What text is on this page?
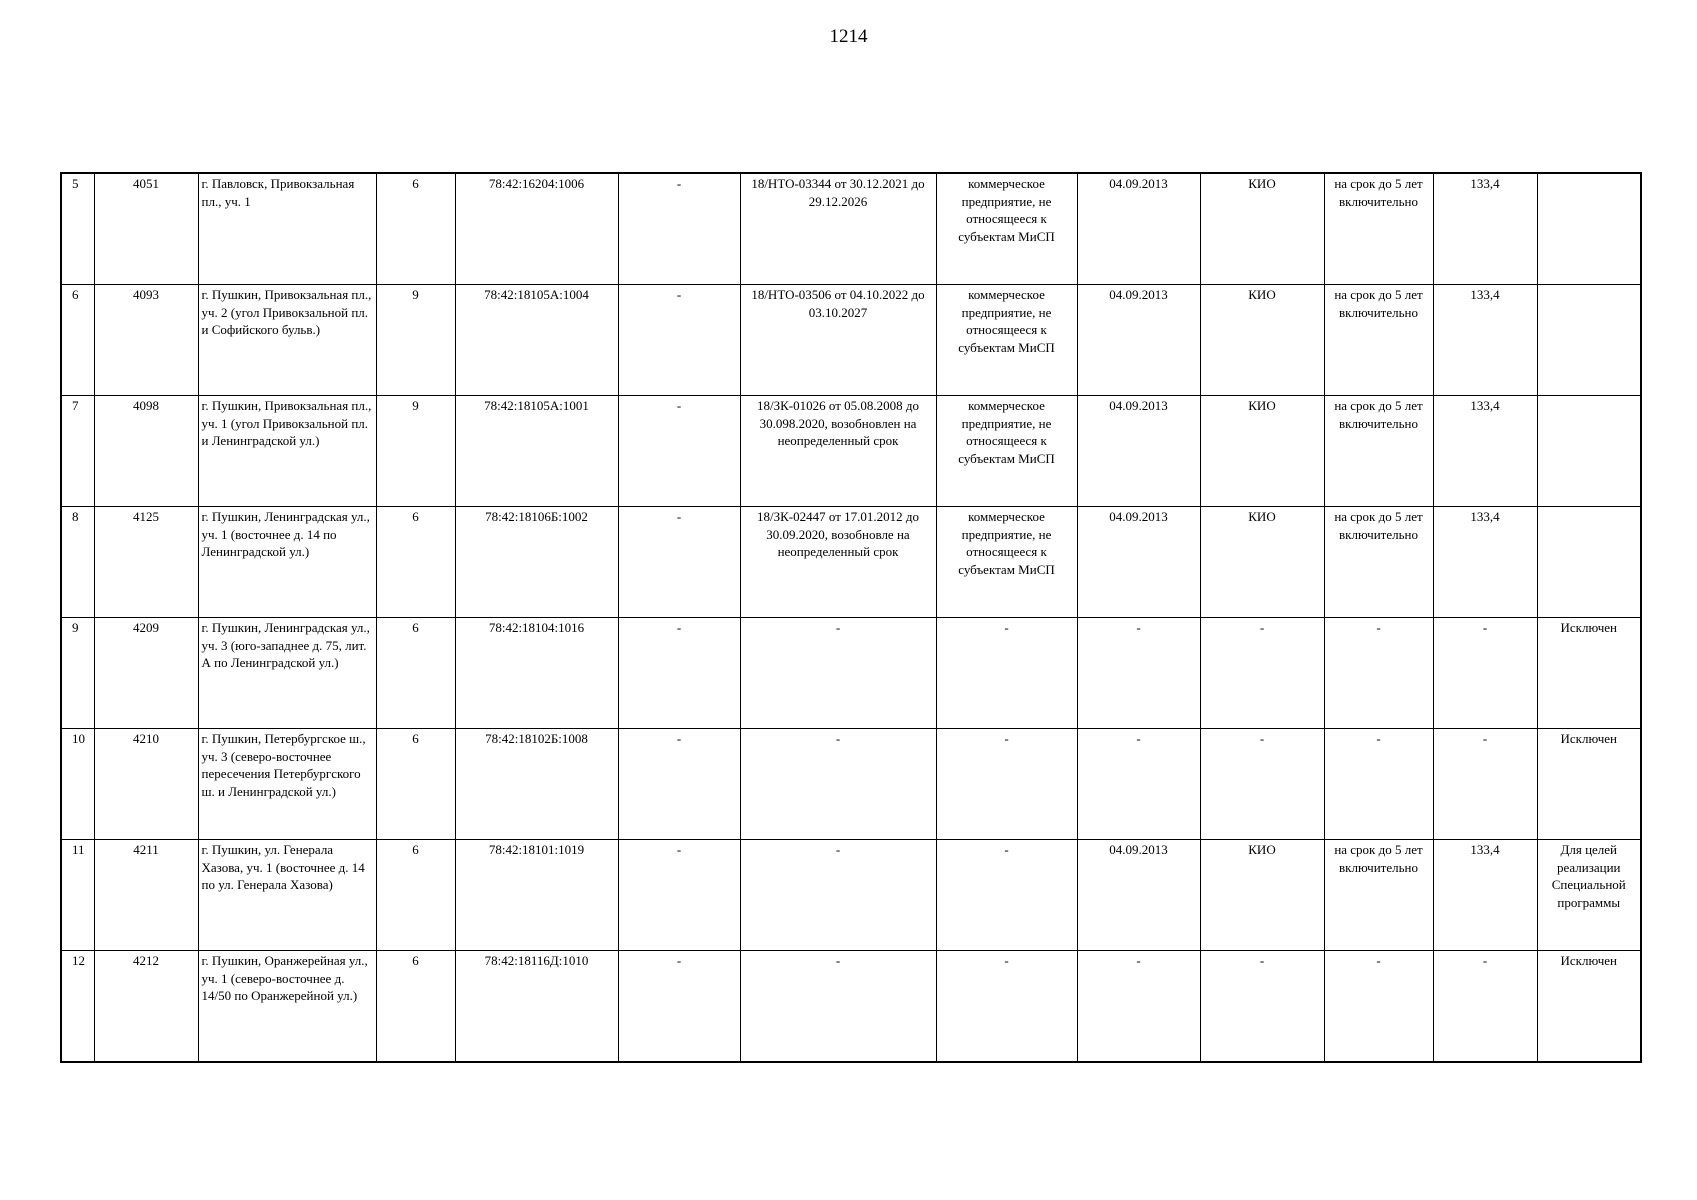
1214
5	4051	г. Павловск, Привокзальная пл., уч. 1	6	78:42:16204:1006	-	18/НТО-03344 от 30.12.2021 до 29.12.2026	коммерческое предприятие, не относящееся к субъектам МиСП	04.09.2013	КИО	на срок до 5 лет включительно	133,4	
6	4093	г. Пушкин, Привокзальная пл., уч. 2 (угол Привокзальной пл. и Софийского бульв.)	9	78:42:18105А:1004	-	18/НТО-03506 от 04.10.2022 до 03.10.2027	коммерческое предприятие, не относящееся к субъектам МиСП	04.09.2013	КИО	на срок до 5 лет включительно	133,4	
7	4098	г. Пушкин, Привокзальная пл., уч. 1 (угол Привокзальной пл. и Ленинградской ул.)	9	78:42:18105А:1001	-	18/ЗК-01026 от 05.08.2008 до 30.098.2020, возобновлен на неопределенный срок	коммерческое предприятие, не относящееся к субъектам МиСП	04.09.2013	КИО	на срок до 5 лет включительно	133,4	
8	4125	г. Пушкин, Ленинградская ул., уч. 1 (восточнее д. 14 по Ленинградской ул.)	6	78:42:18106Б:1002	-	18/ЗК-02447 от 17.01.2012 до 30.09.2020, возобновле на неопределенный срок	коммерческое предприятие, не относящееся к субъектам МиСП	04.09.2013	КИО	на срок до 5 лет включительно	133,4	
9	4209	г. Пушкин, Ленинградская ул., уч. 3 (юго-западнее д. 75, лит. А по Ленинградской ул.)	6	78:42:18104:1016	-	-	-	-	-	-	-	Исключен
10	4210	г. Пушкин, Петербургское ш., уч. 3 (северо-восточнее пересечения Петербургского ш. и Ленинградской ул.)	6	78:42:18102Б:1008	-	-	-	-	-	-	-	Исключен
11	4211	г. Пушкин, ул. Генерала Хазова, уч. 1 (восточнее д. 14 по ул. Генерала Хазова)	6	78:42:18101:1019	-	-	-	04.09.2013	КИО	на срок до 5 лет включительно	133,4	Для целей реализации Специальной программы
12	4212	г. Пушкин, Оранжерейная ул., уч. 1 (северо-восточнее д. 14/50 по Оранжерейной ул.)	6	78:42:18116Д:1010	-	-	-	-	-	-	-	Исключен
